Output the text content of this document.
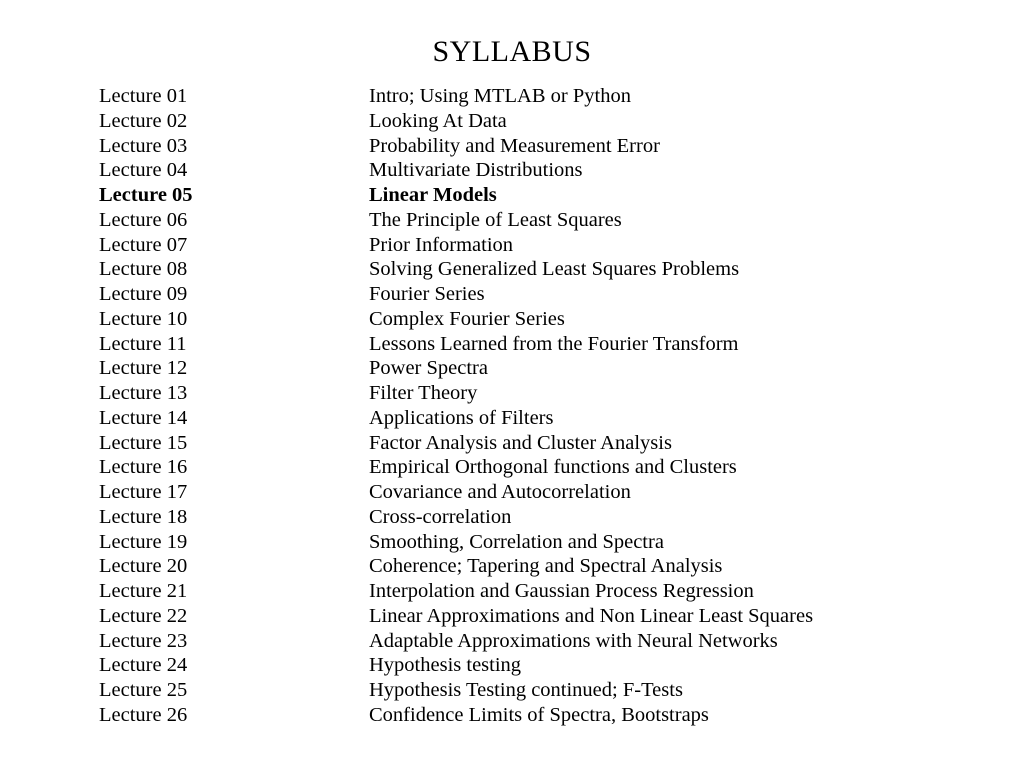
SYLLABUS
Lecture 01	Intro; Using MTLAB or Python
Lecture 02	Looking At Data
Lecture 03	Probability and Measurement Error
Lecture 04	Multivariate Distributions
Lecture 05	Linear Models
Lecture 06	The Principle of Least Squares
Lecture 07	Prior Information
Lecture 08	Solving Generalized Least Squares Problems
Lecture 09	Fourier Series
Lecture 10	Complex Fourier Series
Lecture 11	Lessons Learned from the Fourier Transform
Lecture 12	Power Spectra
Lecture 13	Filter Theory
Lecture 14	Applications of Filters
Lecture 15	Factor Analysis and Cluster Analysis
Lecture 16	Empirical Orthogonal functions and Clusters
Lecture 17	Covariance and Autocorrelation
Lecture 18	Cross-correlation
Lecture 19	Smoothing, Correlation and Spectra
Lecture 20	Coherence; Tapering and Spectral Analysis
Lecture 21	Interpolation and Gaussian Process Regression
Lecture 22	Linear Approximations and Non Linear Least Squares
Lecture 23	Adaptable Approximations with Neural Networks
Lecture 24	Hypothesis testing
Lecture 25	Hypothesis Testing continued; F-Tests
Lecture 26	Confidence Limits of Spectra, Bootstraps
